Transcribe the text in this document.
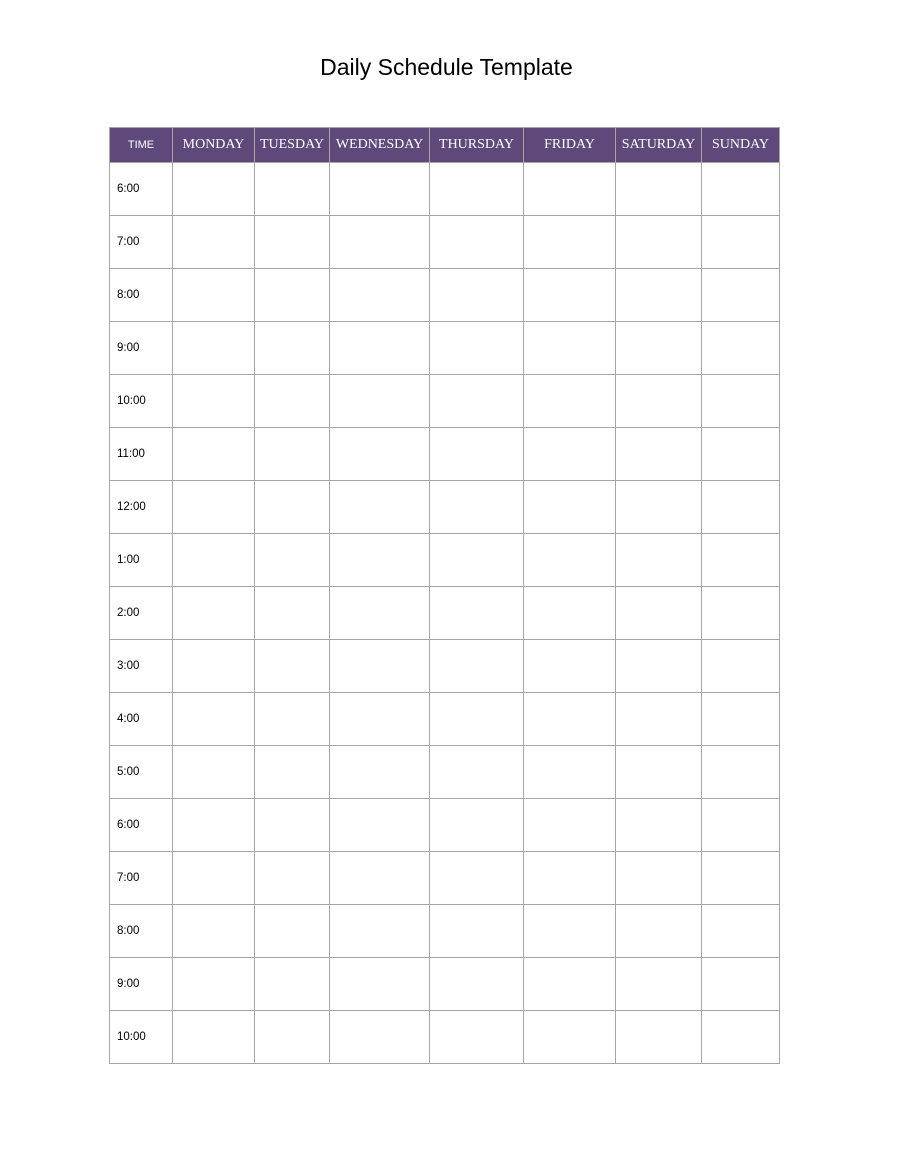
Daily Schedule Template
TIME	MONDAY	TUESDAY	WEDNESDAY	THURSDAY	FRIDAY	SATURDAY	SUNDAY
6:00							
7:00							
8:00							
9:00							
10:00							
11:00							
12:00							
1:00							
2:00							
3:00							
4:00							
5:00							
6:00							
7:00							
8:00							
9:00							
10:00							
